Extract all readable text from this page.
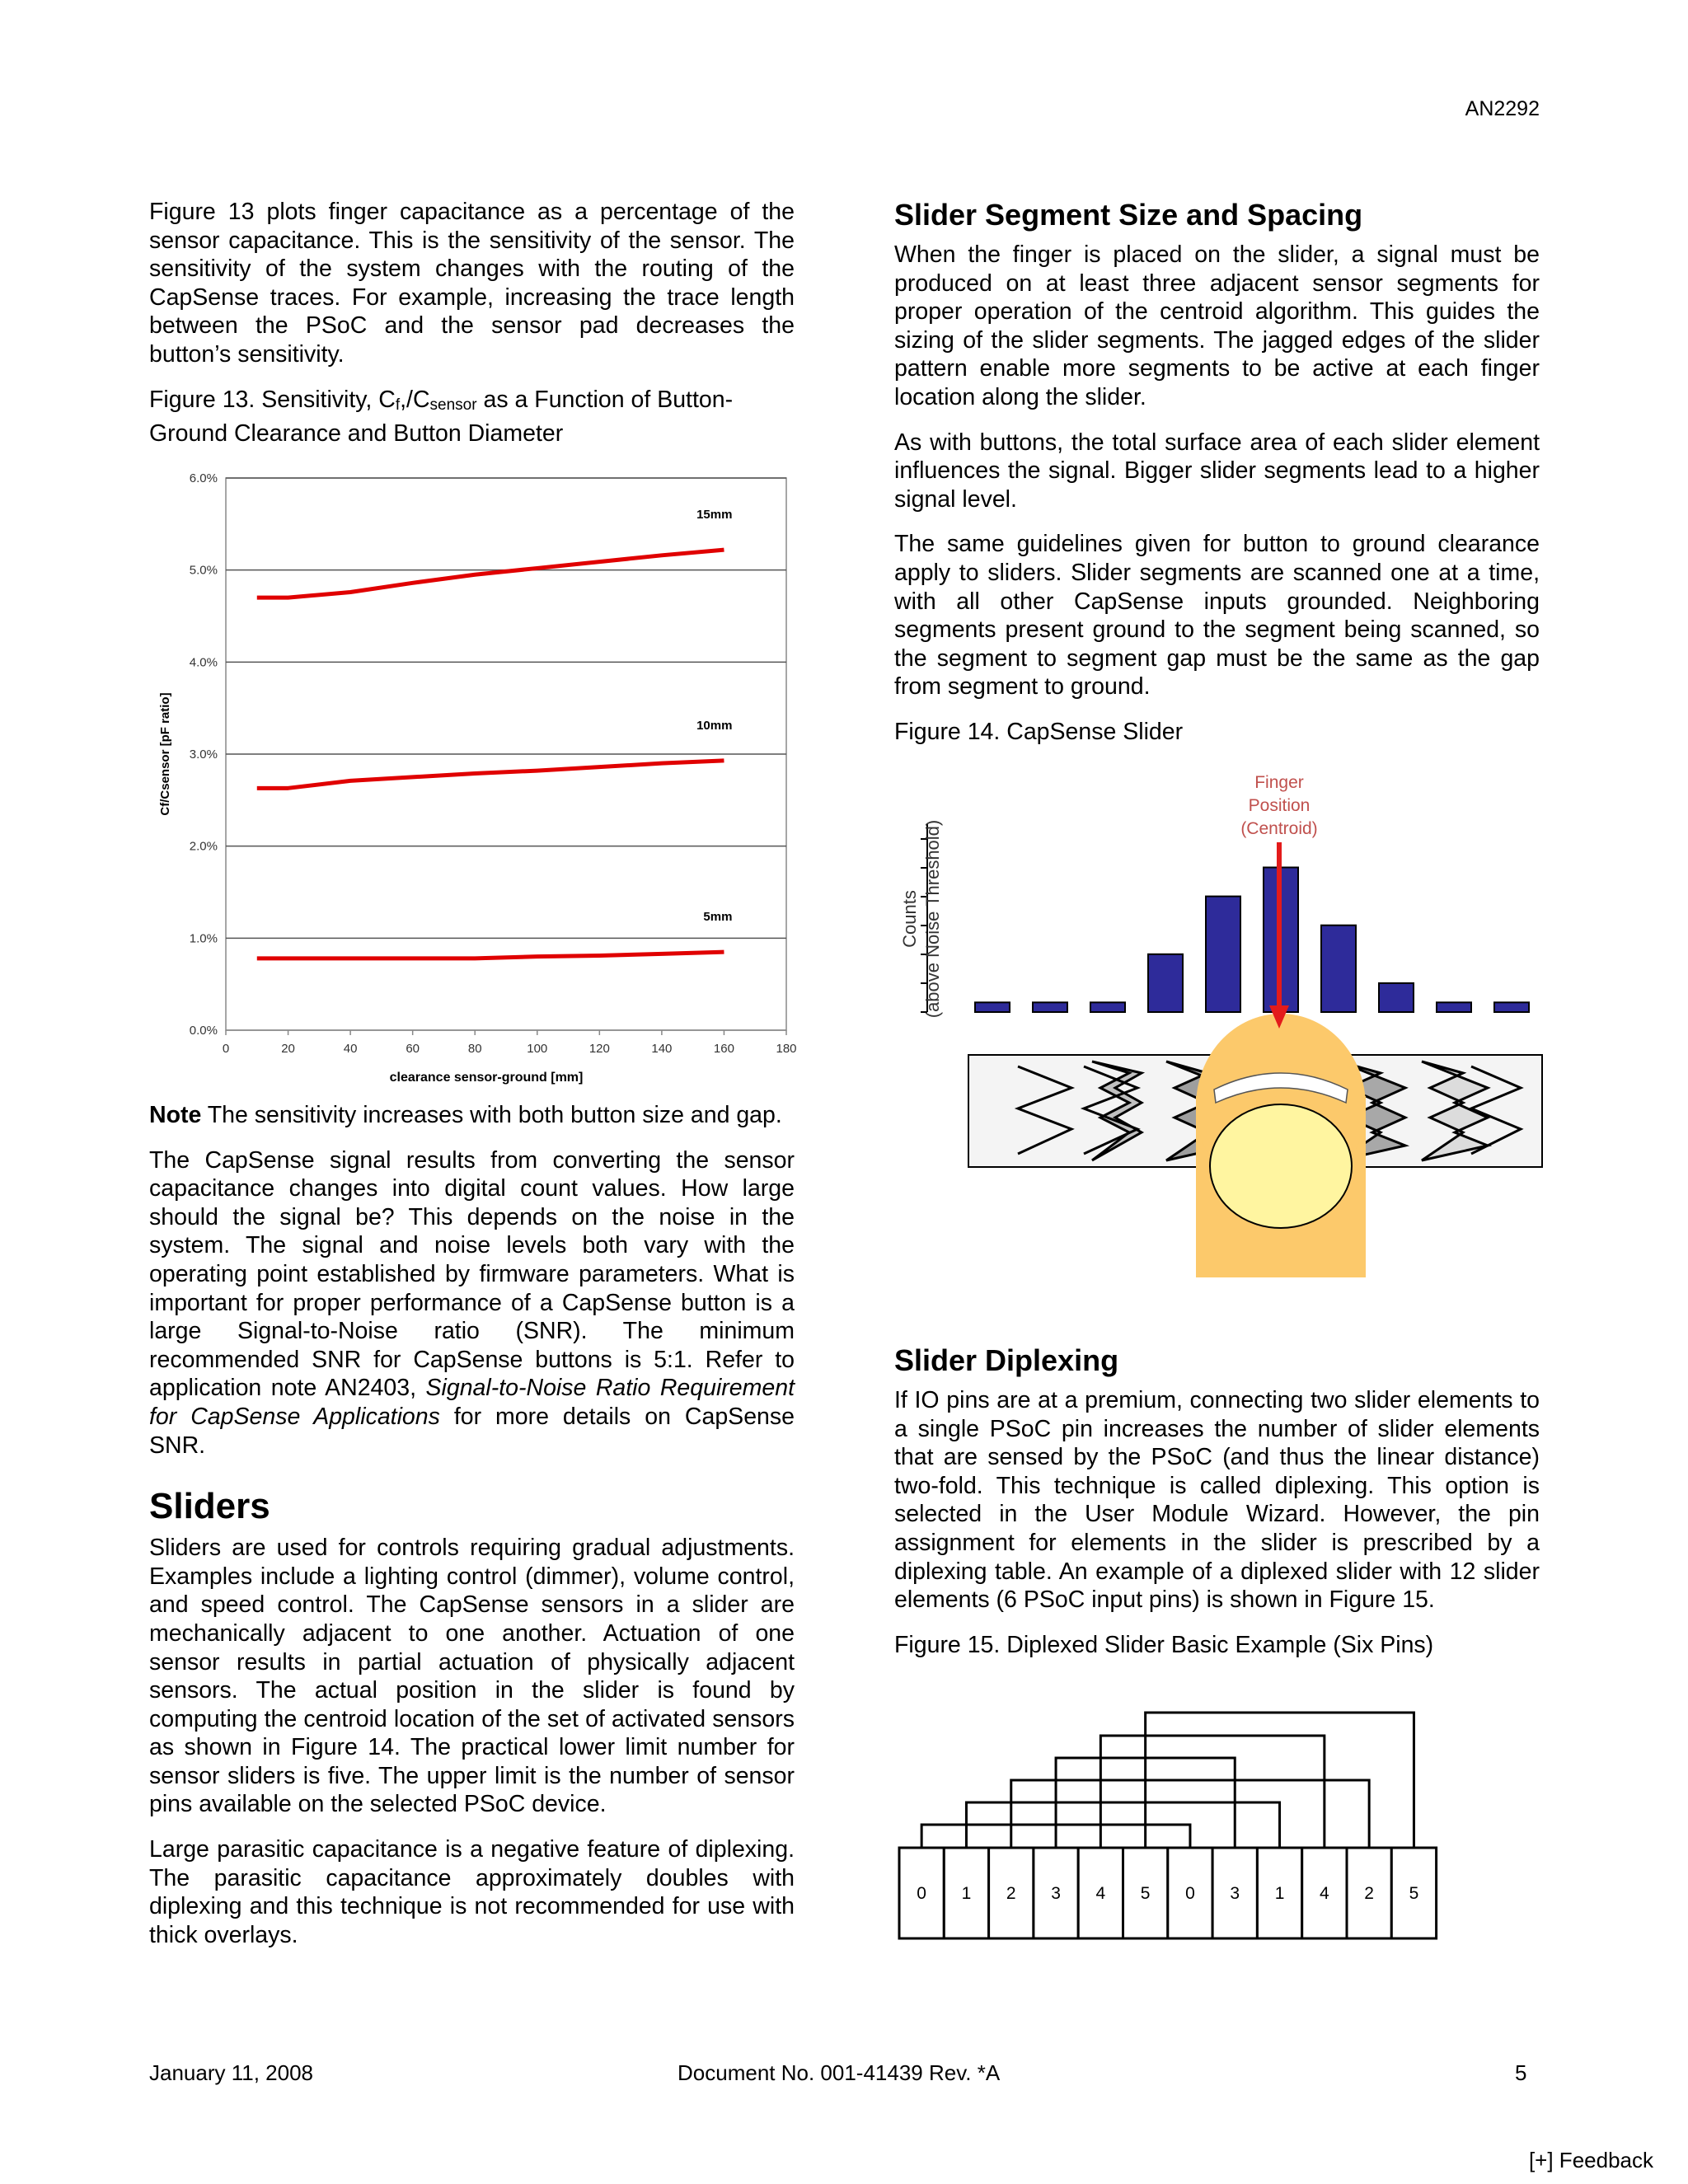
AN2292

Figure 13 plots finger capacitance as a percentage of the sensor capacitance. This is the sensitivity of the sensor. The sensitivity of the system changes with the routing of the CapSense traces. For example, increasing the trace length between the PSoC and the sensor pad decreases the button’s sensitivity.

Figure 13. Sensitivity, $C_f,/C_{sensor}$ as a Function of Button-Ground Clearance and Button Diameter

0.0%
1.0%
2.0%
3.0%
4.0%
5.0%
6.0%
0	20	40	60	80	100	120	140	160	180
15mm
10mm
5mm
clearance sensor-ground [mm]
Cf/Csensor [pF ratio]

Note The sensitivity increases with both button size and gap.

The CapSense signal results from converting the sensor capacitance changes into digital count values. How large should the signal be? This depends on the noise in the system. The signal and noise levels both vary with the operating point established by firmware parameters. What is important for proper performance of a CapSense button is a large Signal-to-Noise ratio (SNR). The minimum recommended SNR for CapSense buttons is 5:1. Refer to application note AN2403, Signal-to-Noise Ratio Requirement for CapSense Applications for more details on CapSense SNR.

Sliders

Sliders are used for controls requiring gradual adjustments. Examples include a lighting control (dimmer), volume control, and speed control. The CapSense sensors in a slider are mechanically adjacent to one another. Actuation of one sensor results in partial actuation of physically adjacent sensors. The actual position in the slider is found by computing the centroid location of the set of activated sensors as shown in Figure 14. The practical lower limit number for sensor sliders is five. The upper limit is the number of sensor pins available on the selected PSoC device.

Large parasitic capacitance is a negative feature of diplexing. The parasitic capacitance approximately doubles with diplexing and this technique is not recommended for use with thick overlays.

Slider Segment Size and Spacing

When the finger is placed on the slider, a signal must be produced on at least three adjacent sensor segments for proper operation of the centroid algorithm. This guides the sizing of the slider segments. The jagged edges of the slider pattern enable more segments to be active at each finger location along the slider.

As with buttons, the total surface area of each slider element influences the signal. Bigger slider segments lead to a higher signal level.

The same guidelines given for button to ground clearance apply to sliders. Slider segments are scanned one at a time, with all other CapSense inputs grounded. Neighboring segments present ground to the segment being scanned, so the segment to segment gap must be the same as the gap from segment to ground.

Figure 14. CapSense Slider

Counts (above Noise Threshold)
Finger
Position
(Centroid)
Slider Diplexing

If IO pins are at a premium, connecting two slider elements to a single PSoC pin increases the number of slider elements that are sensed by the PSoC (and thus the linear distance) two-fold. This technique is called diplexing. This option is selected in the User Module Wizard. However, the pin assignment for elements in the slider is prescribed by a diplexing table. An example of a diplexed slider with 12 slider elements (6 PSoC input pins) is shown in Figure 15.

Figure 15. Diplexed Slider Basic Example (Six Pins)

0 1 2 3 4 5 0 3 1 4 2 5
January 11, 2008	Document No. 001-41439 Rev. *A	5
[+] Feedback
